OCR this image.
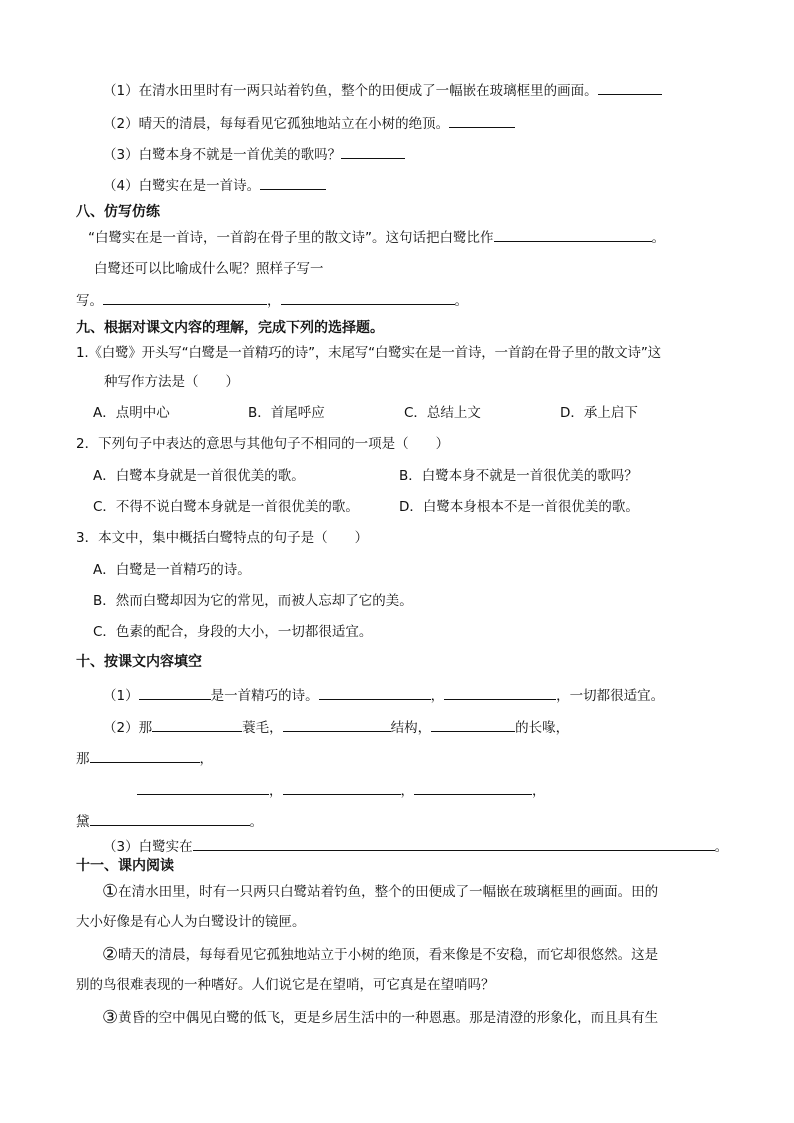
（1）在清水田里时有一两只站着钓鱼，整个的田便成了一幅嵌在玻璃框里的画面。
（2）晴天的清晨，每每看见它孤独地站立在小树的绝顶。
（3）白鹭本身不就是一首优美的歌吗？
（4）白鹭实在是一首诗。
八、仿写仿练
“白鹭实在是一首诗，一首韵在骨子里的散文诗”。这句话把白鹭比作	。
白鹭还可以比喻成什么呢？照样子写一
写。	，	。
九、根据对课文内容的理解，完成下列的选择题。
1.《白鹭》开头写“白鹭是一首精巧的诗”，末尾写“白鹭实在是一首诗，一首韵在骨子里的散文诗”这
种写作方法是（　　）
A．点明中心	B．首尾呼应	C．总结上文	D．承上启下
2．下列句子中表达的意思与其他句子不相同的一项是（　　）
A．白鹭本身就是一首很优美的歌。	B．白鹭本身不就是一首很优美的歌吗？
C．不得不说白鹭本身就是一首很优美的歌。	D．白鹭本身根本不是一首很优美的歌。
3．本文中，集中概括白鹭特点的句子是（　　）
A．白鹭是一首精巧的诗。
B．然而白鹭却因为它的常见，而被人忘却了它的美。
C．色素的配合，身段的大小，一切都很适宜。
十、按课文内容填空
（1）	是一首精巧的诗。	，	，一切都很适宜。
（2）那	蓑毛，	结构，	的长喙，
那	，
，	，	，
黛	。
（3）白鹭实在	。
十一、课内阅读
①在清水田里，时有一只两只白鹭站着钓鱼，整个的田便成了一幅嵌在玻璃框里的画面。田的
大小好像是有心人为白鹭设计的镜匣。
②晴天的清晨，每每看见它孤独地站立于小树的绝顶，看来像是不安稳，而它却很悠然。这是
别的鸟很难表现的一种嗜好。人们说它是在望哨，可它真是在望哨吗？
③黄昏的空中偶见白鹭的低飞，更是乡居生活中的一种恩惠。那是清澄的形象化，而且具有生
